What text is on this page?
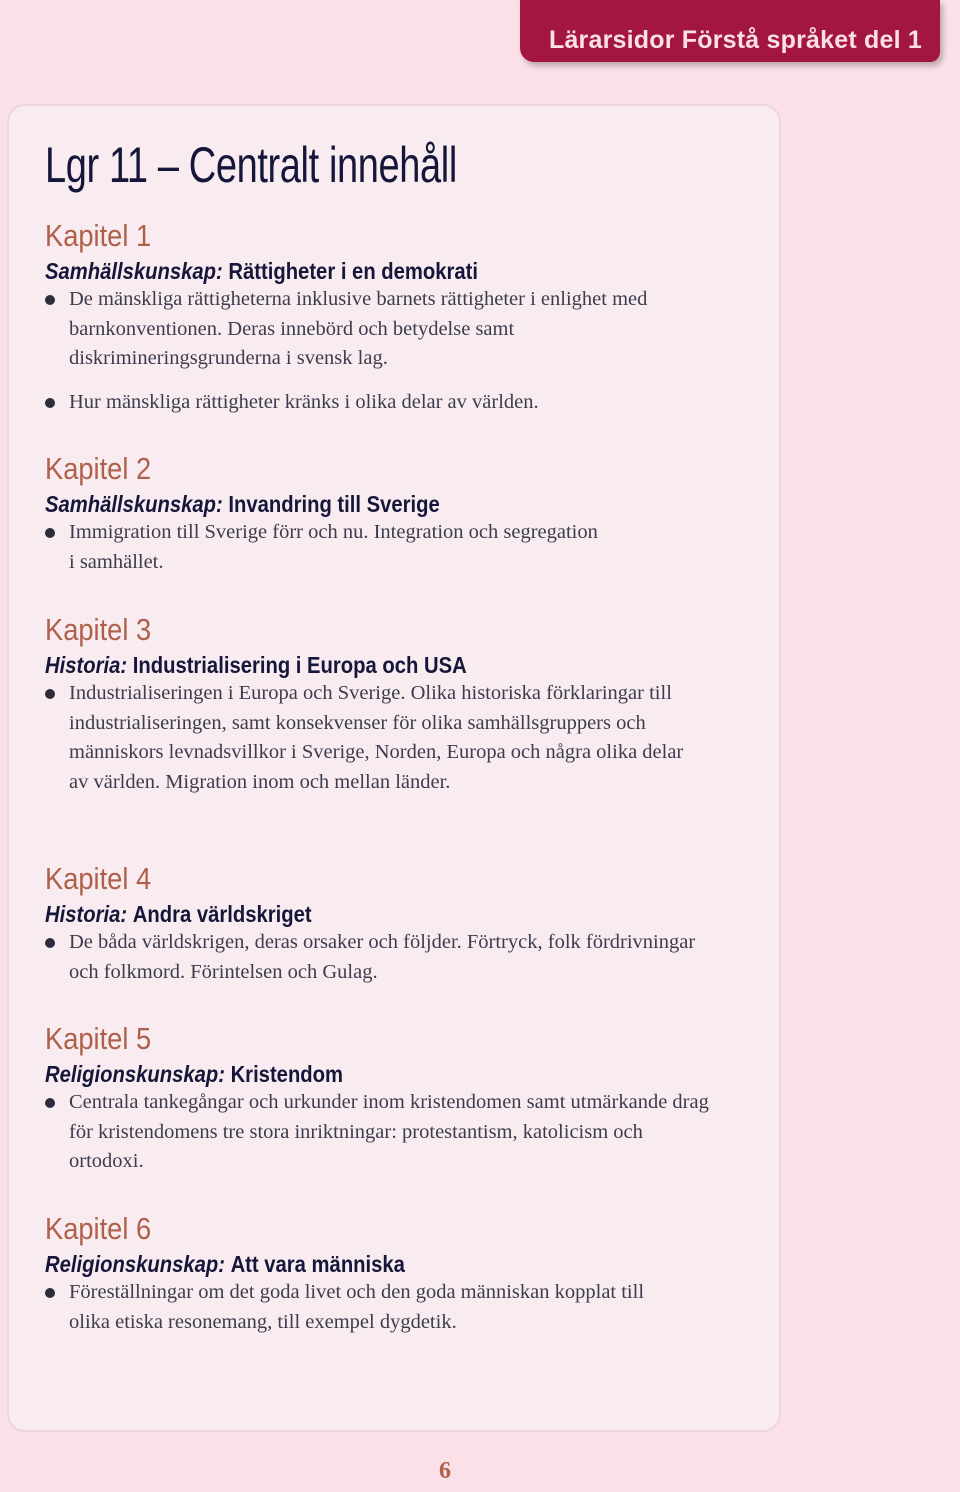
Lärarsidor Förstå språket del 1
Lgr 11 – Centralt innehåll
Kapitel 1

Samhällskunskap: Rättigheter i en demokrati

De mänskliga rättigheterna inklusive barnets rättigheter i enlighet med barnkonventionen. Deras innebörd och betydelse samt diskrimineringsgrunderna i svensk lag.
Hur mänskliga rättigheter kränks i olika delar av världen.
Kapitel 2

Samhällskunskap: Invandring till Sverige

Immigration till Sverige förr och nu. Integration och segregation i samhället.
Kapitel 3

Historia: Industrialisering i Europa och USA

Industrialiseringen i Europa och Sverige. Olika historiska förklaringar till industrialiseringen, samt konsekvenser för olika samhällsgruppers och människors levnadsvillkor i Sverige, Norden, Europa och några olika delar av världen. Migration inom och mellan länder.
Kapitel 4

Historia: Andra världskriget

De båda världskrigen, deras orsaker och följder. Förtryck, folk fördrivningar och folkmord. Förintelsen och Gulag.
Kapitel 5

Religionskunskap: Kristendom

Centrala tankegångar och urkunder inom kristendomen samt utmärkande drag för kristendomens tre stora inriktningar: protestantism, katolicism och ortodoxi.
Kapitel 6

Religionskunskap: Att vara människa

Föreställningar om det goda livet och den goda människan kopplat till olika etiska resonemang, till exempel dygdetik.
6
